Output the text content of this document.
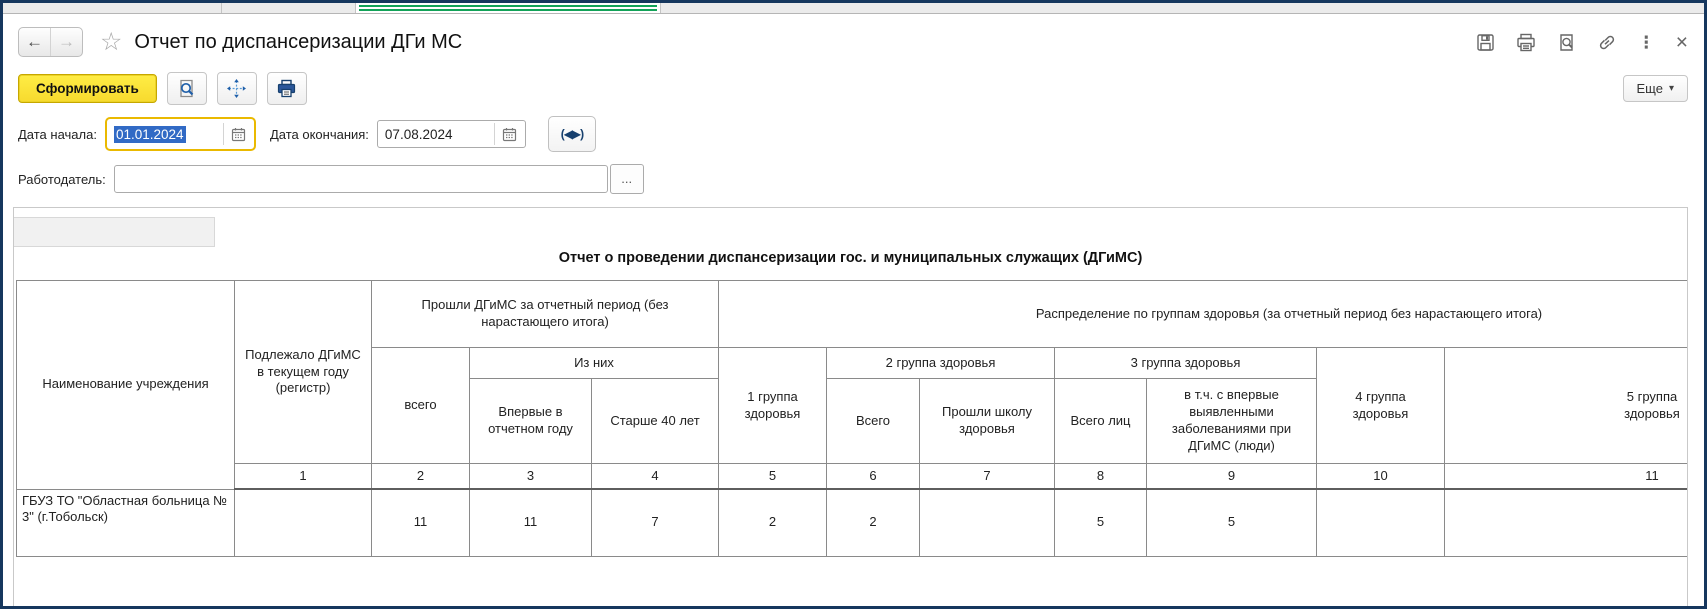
← → ☆ Отчет по диспансеризации ДГи МС	⋮ ×
Сформировать	Еще ▾
Дата начала:	01.01.2024	Дата окончания:	07.08.2024	(◀▶)
Работодатель:	...
Отчет о проведении диспансеризации гос. и муниципальных служащих (ДГиМС)
Наименование учреждения	Подлежало ДГиМС в текущем году (регистр)	Прошли ДГиМС за отчетный период (без нарастающего итога)			Распределение по группам здоровья (за отчетный период без нарастающего итога)						
		всего	Из них		1 группа здоровья	2 группа здоровья		3 группа здоровья		4 группа здоровья	5 группа здоровья
			Впервые в отчетном году	Старше 40 лет		Всего	Прошли школу здоровья	Всего лиц	в т.ч. с впервые выявленными заболеваниями при ДГиМС (люди)		
	1	2	3	4	5	6	7	8	9	10	11
ГБУЗ ТО "Областная больница № 3" (г.Тобольск)		11	11	7	2	2		5	5		
